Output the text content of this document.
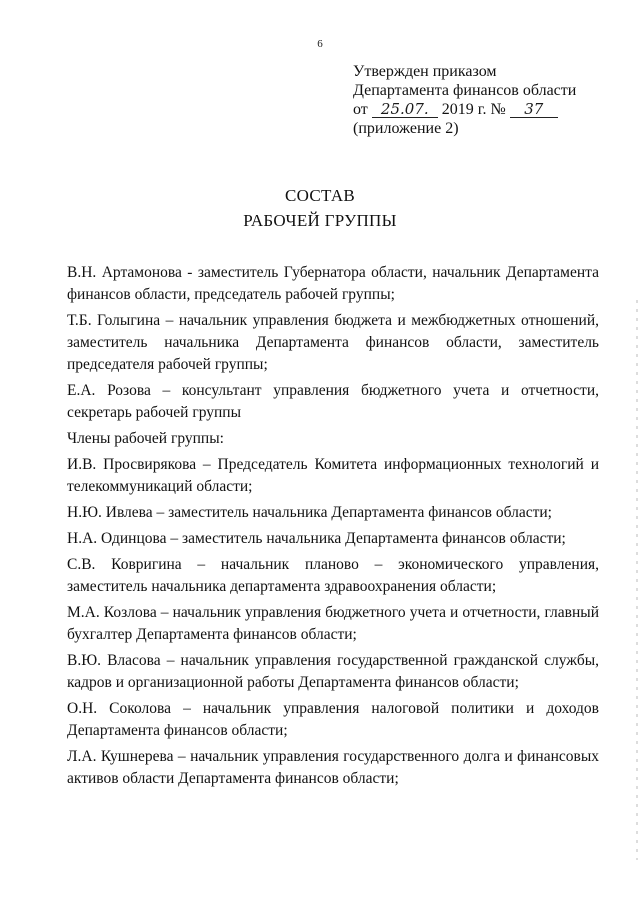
6
Утвержден приказом
Департамента финансов области
от 25.07. 2019 г. № 37
(приложение 2)
СОСТАВ
РАБОЧЕЙ ГРУППЫ

В.Н. Артамонова - заместитель Губернатора области, начальник Департамента финансов области, председатель рабочей группы;

Т.Б. Голыгина – начальник управления бюджета и межбюджетных отношений, заместитель начальника Департамента финансов области, заместитель председателя рабочей группы;

Е.А. Розова – консультант управления бюджетного учета и отчетности, секретарь рабочей группы

Члены рабочей группы:

И.В. Просвирякова – Председатель Комитета информационных технологий и телекоммуникаций области;

Н.Ю. Ивлева – заместитель начальника Департамента финансов области;

Н.А. Одинцова – заместитель начальника Департамента финансов области;

С.В. Ковригина – начальник планово – экономического управления, заместитель начальника департамента здравоохранения области;

М.А. Козлова – начальник управления бюджетного учета и отчетности, главный бухгалтер Департамента финансов области;

В.Ю. Власова – начальник управления государственной гражданской службы, кадров и организационной работы Департамента финансов области;

О.Н. Соколова – начальник управления налоговой политики и доходов Департамента финансов области;

Л.А. Кушнерева – начальник управления государственного долга и финансовых активов области Департамента финансов области;
